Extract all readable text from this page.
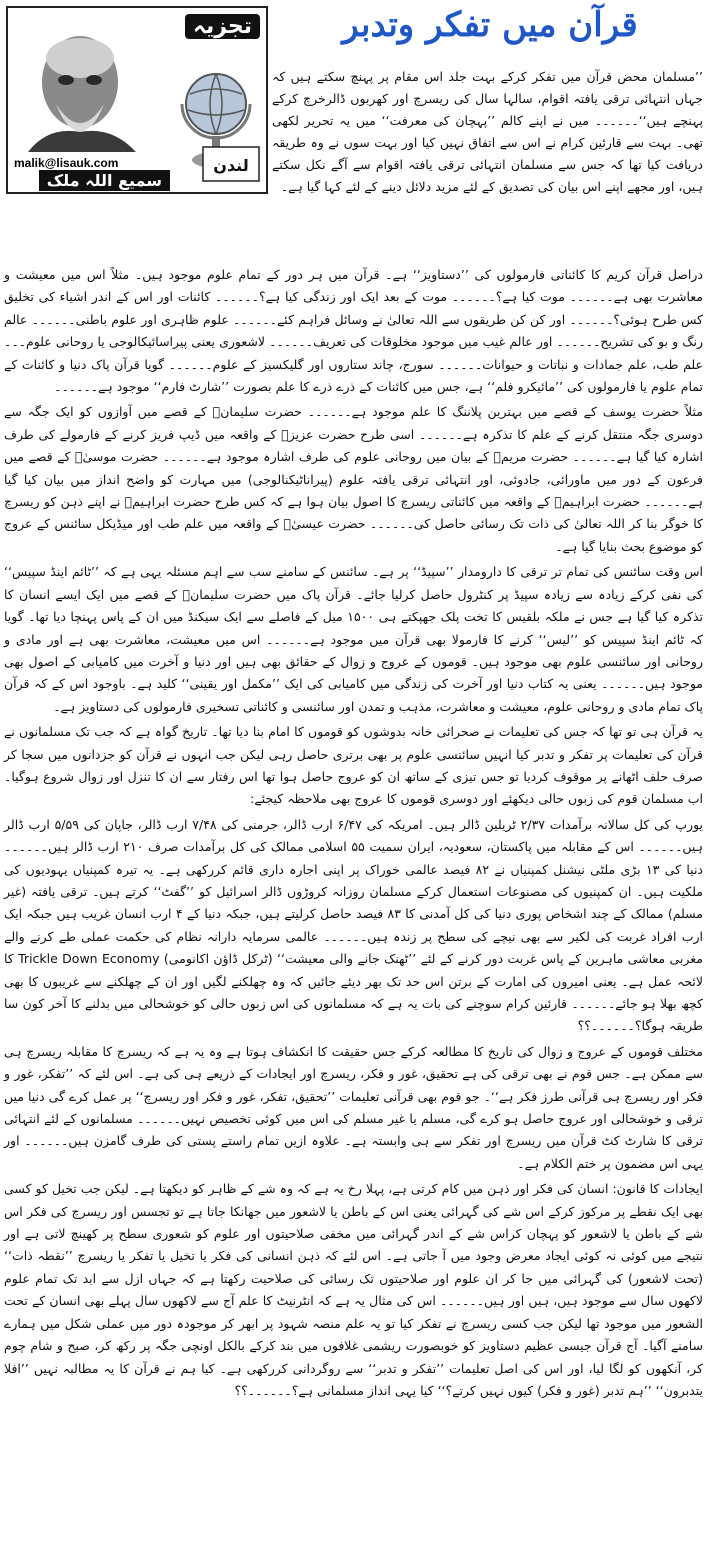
تجزیہ
malik@lisauk.com
سمیع اللہ ملک
لندن
قرآن میں تفکر وتدبر
’’مسلمان محض قرآن میں تفکر کرکے بہت جلد اس مقام پر پہنچ سکتے ہیں کہ جہاں انتہائی ترقی یافتہ اقوام، سالہا سال کی ریسرچ اور کھربوں ڈالرخرچ کرکے پہنچے ہیں‘‘۔۔۔۔۔۔ میں نے اپنے کالم ’’پہچان کی معرفت‘‘ میں یہ تحریر لکھی تھی۔ بہت سے قارئین کرام نے اس سے اتفاق نہیں کیا اور بہت سوں نے وہ طریقہ دریافت کیا تھا کہ جس سے مسلمان انتہائی ترقی یافتہ اقوام سے آگے نکل سکتے ہیں، اور مجھے اپنے اس بیان کی تصدیق کے لئے مزید دلائل دینے کے لئے کہا گیا ہے۔

دراصل قرآن کریم کا کائناتی فارمولوں کی ’’دستاویز‘‘ ہے۔ قرآن میں ہر دور کے تمام علوم موجود ہیں۔ مثلاً اس میں معیشت و معاشرت بھی ہے۔۔۔۔۔۔ موت کیا ہے؟۔۔۔۔۔۔ موت کے بعد ایک اور زندگی کیا ہے؟۔۔۔۔۔۔ کائنات اور اس کے اندر اشیاء کی تخلیق کس طرح ہوئی؟۔۔۔۔۔۔ اور کن کن طریقوں سے اللہ تعالیٰ نے وسائل فراہم کئے۔۔۔۔۔۔ علوم ظاہری اور علوم باطنی۔۔۔۔۔۔ عالم رنگ و بو کی تشریح۔۔۔۔۔۔ اور عالم غیب میں موجود مخلوقات کی تعریف۔۔۔۔۔۔ لاشعوری یعنی پیراسائیکالوجی یا روحانی علوم۔۔۔ علم طب، علم جمادات و نباتات و حیوانات۔۔۔۔۔۔ سورج، چاند ستاروں اور گلیکسیز کے علوم۔۔۔۔۔۔ گویا قرآن پاک دنیا و کائنات کے تمام علوم یا فارمولوں کی ’’مائیکرو فلم‘‘ ہے، جس میں کائنات کے ذرے ذرے کا علم بصورت ’’شارٹ فارم‘‘ موجود ہے۔۔۔۔۔۔

مثلاً حضرت یوسف کے قصے میں بہترین پلاننگ کا علم موجود ہے۔۔۔۔۔۔ حضرت سلیمانؑ کے قصے میں آوازوں کو ایک جگہ سے دوسری جگہ منتقل کرنے کے علم کا تذکرہ ہے۔۔۔۔۔۔ اسی طرح حضرت عزیزؑ کے واقعہ میں ڈیپ فریز کرنے کے فارمولے کی طرف اشارہ کیا گیا ہے۔۔۔۔۔۔ حضرت مریمؑ کے بیان میں روحانی علوم کی طرف اشارہ موجود ہے۔۔۔۔۔۔ حضرت موسیٰؑ کے قصے میں فرعون کے دور میں ماورائی، جادوئی، اور انتہائی ترقی یافتہ علوم (پیراناٹیکنالوجی) میں مہارت کو واضح انداز میں بیان کیا گیا ہے۔۔۔۔۔۔ حضرت ابراہیمؑ کے واقعہ میں کائناتی ریسرچ کا اصول بیان ہوا ہے کہ کس طرح حضرت ابراہیمؑ نے اپنے ذہن کو ریسرچ کا خوگر بنا کر اللہ تعالیٰ کی ذات تک رسائی حاصل کی۔۔۔۔۔۔ حضرت عیسیٰؑ کے واقعہ میں علم طب اور میڈیکل سائنس کے عروج کو موضوع بحث بنایا گیا ہے۔

اس وقت سائنس کی تمام تر ترقی کا دارومدار ’’سپیڈ‘‘ پر ہے۔ سائنس کے سامنے سب سے اہم مسئلہ یہی ہے کہ ’’ٹائم اینڈ سپیس‘‘ کی نفی کرکے زیادہ سے زیادہ سپیڈ پر کنٹرول حاصل کرلیا جائے۔ قرآن پاک میں حضرت سلیمانؑ کے قصے میں ایک ایسے انسان کا تذکرہ کیا گیا ہے جس نے ملکہ بلقیس کا تخت پلک جھپکتے ہی ۱۵۰۰ میل کے فاصلے سے ایک سیکنڈ میں ان کے پاس پہنچا دیا تھا۔ گویا کہ ٹائم اینڈ سپیس کو ’’لیس‘‘ کرنے کا فارمولا بھی قرآن میں موجود ہے۔۔۔۔۔۔ اس میں معیشت، معاشرت بھی ہے اور مادی و روحانی اور سائنسی علوم بھی موجود ہیں۔ قوموں کے عروج و زوال کے حقائق بھی ہیں اور دنیا و آخرت میں کامیابی کے اصول بھی موجود ہیں۔۔۔۔۔۔ یعنی یہ کتاب دنیا اور آخرت کی زندگی میں کامیابی کی ایک ’’مکمل اور یقینی‘‘ کلید ہے۔ باوجود اس کے کہ قرآن پاک تمام مادی و روحانی علوم، معیشت و معاشرت، مذہب و تمدن اور سائنسی و کائناتی تسخیری فارمولوں کی دستاویز ہے۔

یہ قرآن ہی تو تھا کہ جس کی تعلیمات نے صحرائی خانہ بدوشوں کو قوموں کا امام بنا دیا تھا۔ تاریخ گواہ ہے کہ جب تک مسلمانوں نے قرآن کی تعلیمات پر تفکر و تدبر کیا انہیں سائنسی علوم پر بھی برتری حاصل رہی لیکن جب انہوں نے قرآن کو جزدانوں میں سجا کر صرف حلف اٹھانے پر موقوف کردیا تو جس تیزی کے ساتھ ان کو عروج حاصل ہوا تھا اس رفتار سے ان کا تنزل اور زوال شروع ہوگیا۔ اب مسلمان قوم کی زبوں حالی دیکھئے اور دوسری قوموں کا عروج بھی ملاحظہ کیجئے:

یورپ کی کل سالانہ برآمدات ۲/۳۷ ٹریلین ڈالر ہیں۔ امریکہ کی ۶/۴۷ ارب ڈالر، جرمنی کی ۷/۴۸ ارب ڈالر، جاپان کی ۵/۵۹ ارب ڈالر ہیں۔۔۔۔۔۔ اس کے مقابلہ میں پاکستان، سعودیہ، ایران سمیت ۵۵ اسلامی ممالک کی کل برآمدات صرف ۲۱۰ ارب ڈالر ہیں۔۔۔۔۔۔ دنیا کی ۱۳ بڑی ملٹی نیشنل کمپنیاں نے ۸۲ فیصد عالمی خوراک پر اپنی اجارہ داری قائم کررکھی ہے۔ یہ تیرہ کمپنیاں یہودیوں کی ملکیت ہیں۔ ان کمپنیوں کی مصنوعات استعمال کرکے مسلمان روزانہ کروڑوں ڈالر اسرائیل کو ’’گفٹ‘‘ کرتے ہیں۔ ترقی یافتہ (غیر مسلم) ممالک کے چند اشخاص پوری دنیا کی کل آمدنی کا ۸۳ فیصد حاصل کرلیتے ہیں، جبکہ دنیا کے ۴ ارب انسان غریب ہیں جبکہ ایک ارب افراد غربت کی لکیر سے بھی نیچے کی سطح پر زندہ ہیں۔۔۔۔۔۔ عالمی سرمایہ دارانہ نظام کی حکمت عملی طے کرنے والے مغربی معاشی ماہرین کے پاس غربت دور کرنے کے لئے ’’ٹھنک جانے والی معیشت‘‘ (ٹرکل ڈاؤن اکانومی) Trickle Down Economy کا لائحہ عمل ہے۔ یعنی امیروں کی امارت کے برتن اس حد تک بھر دیئے جائیں کہ وہ چھلکنے لگیں اور ان کے چھلکنے سے غریبوں کا بھی کچھ بھلا ہو جائے۔۔۔۔۔۔ قارئین کرام سوچنے کی بات یہ ہے کہ مسلمانوں کی اس زبوں حالی کو خوشحالی میں بدلنے کا آخر کون سا طریقہ ہوگا؟۔۔۔۔۔۔؟؟

مختلف قوموں کے عروج و زوال کی تاریخ کا مطالعہ کرکے جس حقیقت کا انکشاف ہوتا ہے وہ یہ ہے کہ ریسرچ کا مقابلہ ریسرچ ہی سے ممکن ہے۔ جس قوم نے بھی ترقی کی ہے تحقیق، غور و فکر، ریسرچ اور ایجادات کے ذریعے ہی کی ہے۔ اس لئے کہ ’’تفکر، غور و فکر اور ریسرچ ہی قرآنی طرز فکر ہے‘‘۔ جو قوم بھی قرآنی تعلیمات ’’تحقیق، تفکر، غور و فکر اور ریسرچ‘‘ پر عمل کرے گی دنیا میں ترقی و خوشحالی اور عروج حاصل ہو کرے گی، مسلم یا غیر مسلم کی اس میں کوئی تخصیص نہیں۔۔۔۔۔۔ مسلمانوں کے لئے انتہائی ترقی کا شارٹ کٹ قرآن میں ریسرچ اور تفکر سے ہی وابستہ ہے۔ علاوہ ازیں تمام راستے پستی کی طرف گامزن ہیں۔۔۔۔۔۔ اور یہی اس مضمون پر ختم الکلام ہے۔

ایجادات کا قانون: انسان کی فکر اور ذہن میں کام کرتی ہے، پہلا رخ یہ ہے کہ وہ شے کے ظاہر کو دیکھتا ہے۔ لیکن جب تخیل کو کسی بھی ایک نقطے پر مرکوز کرکے اس شے کی گہرائی یعنی اس کے باطن یا لاشعور میں جھانکا جاتا ہے تو تجسس اور ریسرچ کی فکر اس شے کے باطن یا لاشعور کو پہچان کراس شے کے اندر گہرائی میں مخفی صلاحیتوں اور علوم کو شعوری سطح پر کھینچ لاتی ہے اور نتیجے میں کوئی نہ کوئی ایجاد معرض وجود میں آ جاتی ہے۔ اس لئے کہ ذہن انسانی کی فکر یا تخیل یا تفکر یا ریسرچ ’’نقطہ ذات‘‘ (تحت لاشعور) کی گہرائی میں جا کر ان علوم اور صلاحیتوں تک رسائی کی صلاحیت رکھتا ہے کہ جہاں ازل سے ابد تک تمام علوم لاکھوں سال سے موجود ہیں، ہیں اور ہیں۔۔۔۔۔۔ اس کی مثال یہ ہے کہ انٹرنیٹ کا علم آج سے لاکھوں سال پہلے بھی انسان کے تحت الشعور میں موجود تھا لیکن جب کسی ریسرچ نے تفکر کیا تو یہ علم منصہ شہود پر ابھر کر موجودہ دور میں عملی شکل میں ہمارے سامنے آگیا۔ آج قرآن جیسی عظیم دستاویز کو خوبصورت ریشمی غلافوں میں بند کرکے بالکل اونچی جگہ پر رکھ کر، صبح و شام چوم کر، آنکھوں کو لگا لیا، اور اس کی اصل تعلیمات ’’تفکر و تدبر‘‘ سے روگردانی کررکھی ہے۔ کیا ہم نے قرآن کا یہ مطالبہ نہیں ’’افلا یتدبرون‘‘ ’’ہم تدبر (غور و فکر) کیوں نہیں کرتے؟‘‘ کیا یہی انداز مسلمانی ہے؟۔۔۔۔۔۔؟؟
